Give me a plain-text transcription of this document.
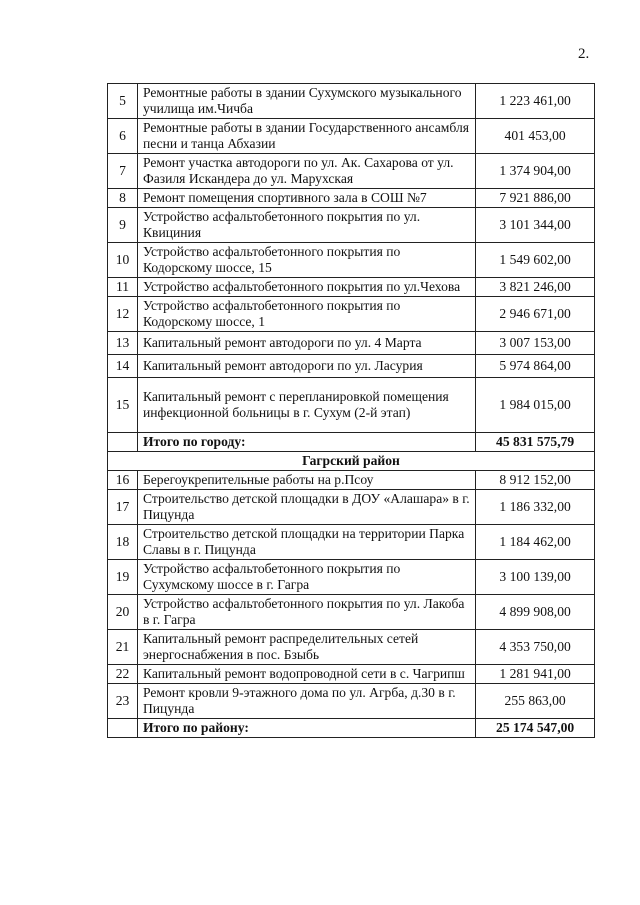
2.
5	Ремонтные работы в здании Сухумского музыкального училища им.Чичба	1 223 461,00
6	Ремонтные работы в здании Государственного ансамбля песни и танца Абхазии	401 453,00
7	Ремонт участка автодороги по ул. Ак. Сахарова от ул. Фазиля Искандера до ул. Марухская	1 374 904,00
8	Ремонт помещения спортивного зала в СОШ №7	7 921 886,00
9	Устройство асфальтобетонного покрытия по ул. Квициния	3 101 344,00
10	Устройство асфальтобетонного покрытия по Кодорскому шоссе, 15	1 549 602,00
11	Устройство асфальтобетонного покрытия по ул.Чехова	3 821 246,00
12	Устройство асфальтобетонного покрытия по Кодорскому шоссе, 1	2 946 671,00
13	Капитальный ремонт автодороги по ул. 4 Марта	3 007 153,00
14	Капитальный ремонт автодороги по ул. Ласурия	5 974 864,00
15	Капитальный ремонт с перепланировкой помещения инфекционной больницы в г. Сухум (2-й этап)	1 984 015,00
	Итого по городу:	45 831 575,79
Гагрский район		
16	Берегоукрепительные работы на р.Псоу	8 912 152,00
17	Строительство детской площадки в ДОУ «Алашара» в г. Пицунда	1 186 332,00
18	Строительство детской площадки на территории Парка Славы в г. Пицунда	1 184 462,00
19	Устройство асфальтобетонного покрытия по Сухумскому шоссе в г. Гагра	3 100 139,00
20	Устройство асфальтобетонного покрытия по ул. Лакоба в г. Гагра	4 899 908,00
21	Капитальный ремонт распределительных сетей энергоснабжения в пос. Бзыбь	4 353 750,00
22	Капитальный ремонт водопроводной сети в с. Чагрипш	1 281 941,00
23	Ремонт кровли 9-этажного дома по ул. Агрба, д.30 в г. Пицунда	255 863,00
	Итого по району:	25 174 547,00
